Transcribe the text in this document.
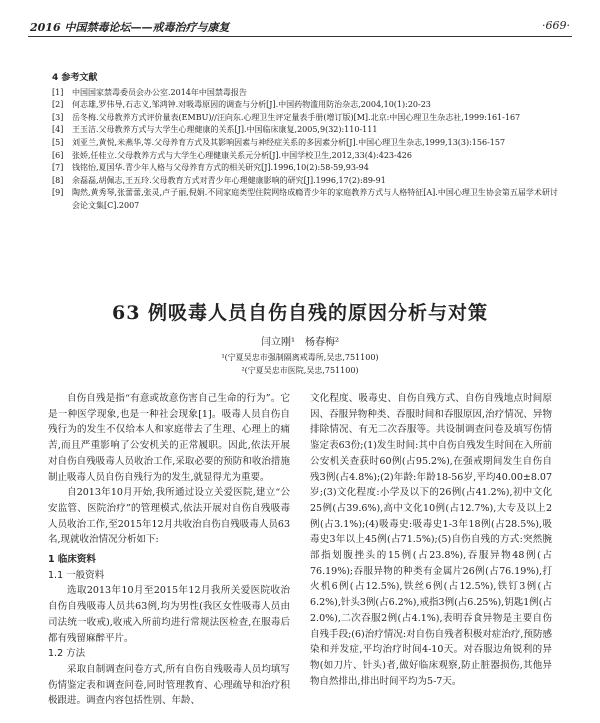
2016 中国禁毒论坛——戒毒治疗与康复	·669·
4 参考文献
[1] 中国国家禁毒委员会办公室.2014年中国禁毒报告
[2] 何志雄,罗伟导,石志义,邹鸿钟.对吸毒原因的调查与分析[J].中国药物滥用防治杂志,2004,10(1):20-23
[3] 岳冬梅.父母教养方式评价量表(EMBU)//汪向东.心理卫生评定量表手册(增订版)[M].北京:中国心理卫生杂志社,1999:161-167
[4] 王玉洁.父母教养方式与大学生心理健康的关系[J].中国临床康复,2005,9(32):110-111
[5] 刘亚兰,黄悦,米燕华,等.父母养育方式及其影响因素与神经症关系的多因素分析[J].中国心理卫生杂志,1999,13(3):156-157
[6] 张娇,任桂立.父母教养方式与大学生心理健康关系元分析[J].中国学校卫生,2012,33(4):423-426
[7] 钱铭怡,夏国华.青少年人格与父母养育方式的相关研究[J].1996,10(2):58-59,93-94
[8] 余磊磊,胡佩志,王五玲.父母教育方式对青少年心理健康影响的研究[J].1996,17(2):89-91
[9] 陶然,黄秀琴,张蕾蕾,张灵,卢子丽,倪娟.不同家庭类型住院网络成瘾青少年的家庭教养方式与人格特征[A].中国心理卫生协会第五届学术研讨会论文集[C].2007
63 例吸毒人员自伤自残的原因分析与对策
闫立刚¹　杨春梅²
¹(宁夏吴忠市强制隔离戒毒所,吴忠,751100)
²(宁夏吴忠市医院,吴忠,751100)

自伤自残是指“有意或故意伤害自己生命的行为”。它是一种医学现象,也是一种社会现象[1]。吸毒人员自伤自残行为的发生不仅给本人和家庭带去了生理、心理上的痛苦,而且严重影响了公安机关的正常履职。因此,依法开展对自伤自残吸毒人员收治工作,采取必要的预防和收治措施制止吸毒人员自伤自残行为的发生,就显得尤为重要。

自2013年10月开始,我所通过设立关爱医院,建立“公安监管、医院治疗”的管理模式,依法开展对自伤自残吸毒人员收治工作,至2015年12月共收治自伤自残吸毒人员63名,现就收治情况分析如下:

1 临床资料
1.1 一般资料

选取2013年10月至2015年12月我所关爱医院收治自伤自残吸毒人员共63例,均为男性(我区女性吸毒人员由司法统一收戒),收戒入所前均进行常规法医检查,在服毒后都有残留麻醉平片。

1.2 方法

采取自制调查问卷方式,所有自伤自残吸毒人员均填写伤情鉴定表和调查问卷,同时管理教育、心理疏导和治疗积极跟进。调查内容包括性别、年龄、

文化程度、吸毒史、自伤自残方式、自伤自残地点时间原因、吞服异物种类、吞服时间和吞服原因,治疗情况、异物排除情况、有无二次吞服等。共设制调查问卷及填写伤情鉴定表63份;(1)发生时间:其中自伤自残发生时间在入所前公安机关查获时60例(占95.2%),在强戒期间发生自伤自残3例(占4.8%);(2)年龄:年龄18-56岁,平均40.00±8.07岁;(3)文化程度:小学及以下的26例(占41.2%),初中文化25例(占39.6%),高中文化10例(占12.7%),大专及以上2例(占3.1%);(4)吸毒史:吸毒史1-3年18例(占28.5%),吸毒史3年以上45例(占71.5%);(5)自伤自残的方式:突然腕部指划腹挫头的15例(占23.8%),吞服异物48例(占76.19%);吞服异物的种类有金属片26例(占76.19%),打火机6例(占12.5%),铁丝6例(占12.5%),铁钉3例(占6.2%),针头3例(占6.2%),戒指3例(占6.25%),钥匙1例(占2.0%),二次吞服2例(占4.1%),表明吞食异物是主要自伤自残手段;(6)治疗情况:对自伤自残者积极对症治疗,预防感染和并发症,平均治疗时间4-10天。对吞服边角锐利的异物(如刀片、针头)者,做好临床观察,防止脏器损伤,其他异物自然排出,排出时间平均为5-7天。
